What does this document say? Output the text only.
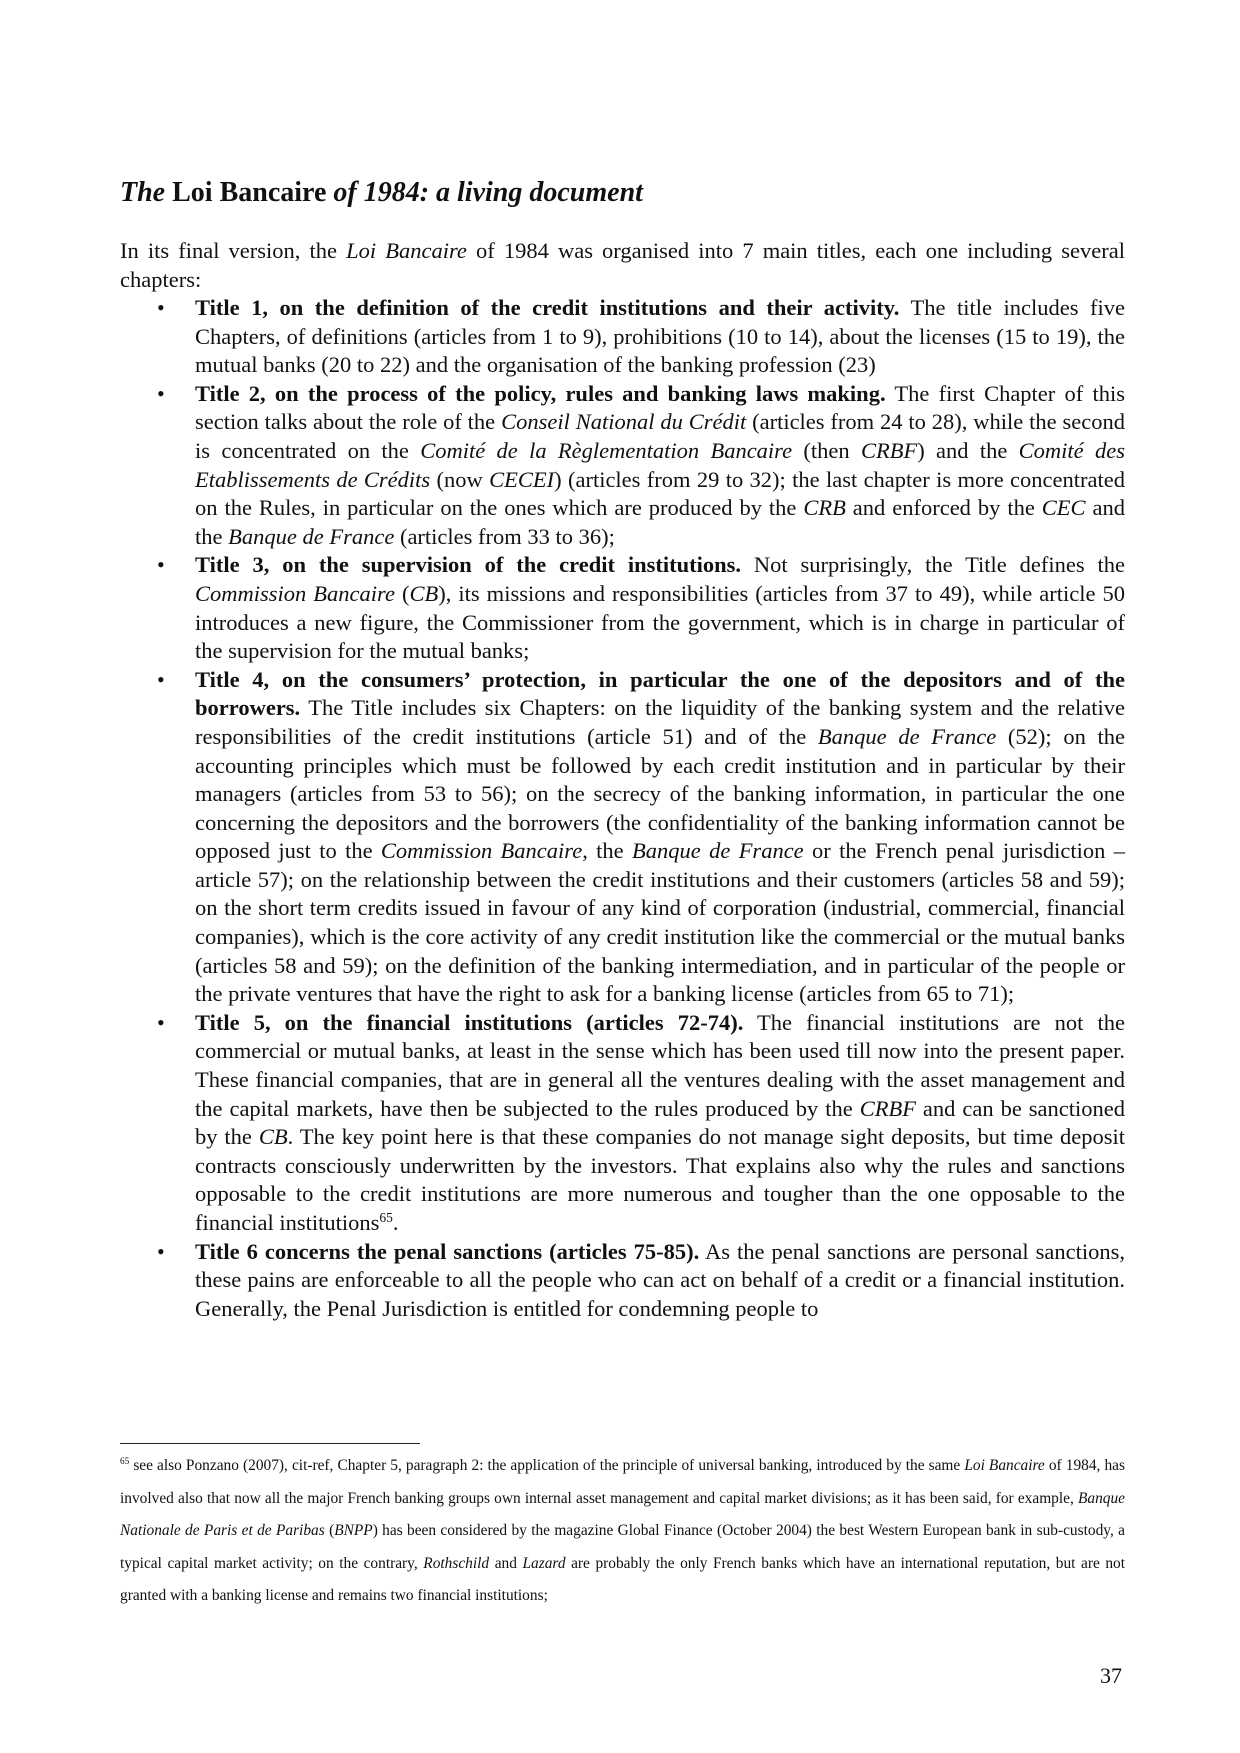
The Loi Bancaire of 1984: a living document

In its final version, the Loi Bancaire of 1984 was organised into 7 main titles, each one including several chapters:

• Title 1, on the definition of the credit institutions and their activity. The title includes five Chapters, of definitions (articles from 1 to 9), prohibitions (10 to 14), about the licenses (15 to 19), the mutual banks (20 to 22) and the organisation of the banking profession (23)
• Title 2, on the process of the policy, rules and banking laws making. The first Chapter of this section talks about the role of the Conseil National du Crédit (articles from 24 to 28), while the second is concentrated on the Comité de la Règlementation Bancaire (then CRBF) and the Comité des Etablissements de Crédits (now CECEI) (articles from 29 to 32); the last chapter is more concentrated on the Rules, in particular on the ones which are produced by the CRB and enforced by the CEC and the Banque de France (articles from 33 to 36);
• Title 3, on the supervision of the credit institutions. Not surprisingly, the Title defines the Commission Bancaire (CB), its missions and responsibilities (articles from 37 to 49), while article 50 introduces a new figure, the Commissioner from the government, which is in charge in particular of the supervision for the mutual banks;
• Title 4, on the consumers’ protection, in particular the one of the depositors and of the borrowers. The Title includes six Chapters: on the liquidity of the banking system and the relative responsibilities of the credit institutions (article 51) and of the Banque de France (52); on the accounting principles which must be followed by each credit institution and in particular by their managers (articles from 53 to 56); on the secrecy of the banking information, in particular the one concerning the depositors and the borrowers (the confidentiality of the banking information cannot be opposed just to the Commission Bancaire, the Banque de France or the French penal jurisdiction – article 57); on the relationship between the credit institutions and their customers (articles 58 and 59); on the short term credits issued in favour of any kind of corporation (industrial, commercial, financial companies), which is the core activity of any credit institution like the commercial or the mutual banks (articles 58 and 59); on the definition of the banking intermediation, and in particular of the people or the private ventures that have the right to ask for a banking license (articles from 65 to 71);
• Title 5, on the financial institutions (articles 72-74). The financial institutions are not the commercial or mutual banks, at least in the sense which has been used till now into the present paper. These financial companies, that are in general all the ventures dealing with the asset management and the capital markets, have then be subjected to the rules produced by the CRBF and can be sanctioned by the CB. The key point here is that these companies do not manage sight deposits, but time deposit contracts consciously underwritten by the investors. That explains also why the rules and sanctions opposable to the credit institutions are more numerous and tougher than the one opposable to the financial institutions$^{65}$.
• Title 6 concerns the penal sanctions (articles 75-85). As the penal sanctions are personal sanctions, these pains are enforceable to all the people who can act on behalf of a credit or a financial institution. Generally, the Penal Jurisdiction is entitled for condemning people to
$^{65}$ see also Ponzano (2007), cit-ref, Chapter 5, paragraph 2: the application of the principle of universal banking, introduced by the same Loi Bancaire of 1984, has involved also that now all the major French banking groups own internal asset management and capital market divisions; as it has been said, for example, Banque Nationale de Paris et de Paribas (BNPP) has been considered by the magazine Global Finance (October 2004) the best Western European bank in sub-custody, a typical capital market activity; on the contrary, Rothschild and Lazard are probably the only French banks which have an international reputation, but are not granted with a banking license and remains two financial institutions;
37
